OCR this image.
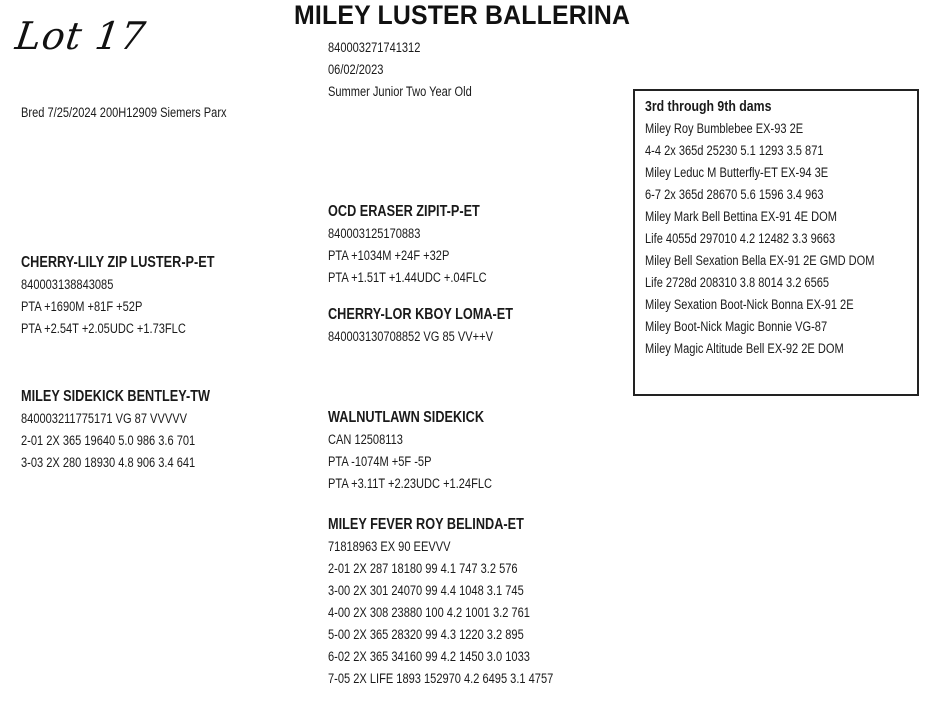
Lot 17	MILEY LUSTER BALLERINA
840003271741312
06/02/2023
Summer Junior Two Year Old
Bred 7/25/2024 200H12909 Siemers Parx
CHERRY-LILY ZIP LUSTER-P-ET
840003138843085
PTA +1690M +81F +52P
PTA +2.54T +2.05UDC +1.73FLC
OCD ERASER ZIPIT-P-ET
840003125170883
PTA +1034M +24F +32P
PTA +1.51T +1.44UDC +.04FLC
CHERRY-LOR KBOY LOMA-ET
840003130708852 VG 85 VV++V
MILEY SIDEKICK BENTLEY-TW
840003211775171 VG 87 VVVVV
2-01 2X 365 19640 5.0 986 3.6 701
3-03 2X 280 18930 4.8 906 3.4 641
WALNUTLAWN SIDEKICK
CAN 12508113
PTA -1074M +5F -5P
PTA +3.11T +2.23UDC +1.24FLC
MILEY FEVER ROY BELINDA-ET
71818963 EX 90 EEVVV
2-01 2X 287 18180 99 4.1 747 3.2 576
3-00 2X 301 24070 99 4.4 1048 3.1 745
4-00 2X 308 23880 100 4.2 1001 3.2 761
5-00 2X 365 28320 99 4.3 1220 3.2 895
6-02 2X 365 34160 99 4.2 1450 3.0 1033
7-05 2X LIFE 1893 152970 4.2 6495 3.1 4757
3rd through 9th dams
Miley Roy Bumblebee EX-93 2E
4-4 2x 365d 25230 5.1 1293 3.5 871
Miley Leduc M Butterfly-ET EX-94 3E
6-7 2x 365d 28670 5.6 1596 3.4 963
Miley Mark Bell Bettina EX-91 4E DOM
Life 4055d 297010 4.2 12482 3.3 9663
Miley Bell Sexation Bella EX-91 2E GMD DOM
Life 2728d 208310 3.8 8014 3.2 6565
Miley Sexation Boot-Nick Bonna EX-91 2E
Miley Boot-Nick Magic Bonnie VG-87
Miley Magic Altitude Bell EX-92 2E DOM
